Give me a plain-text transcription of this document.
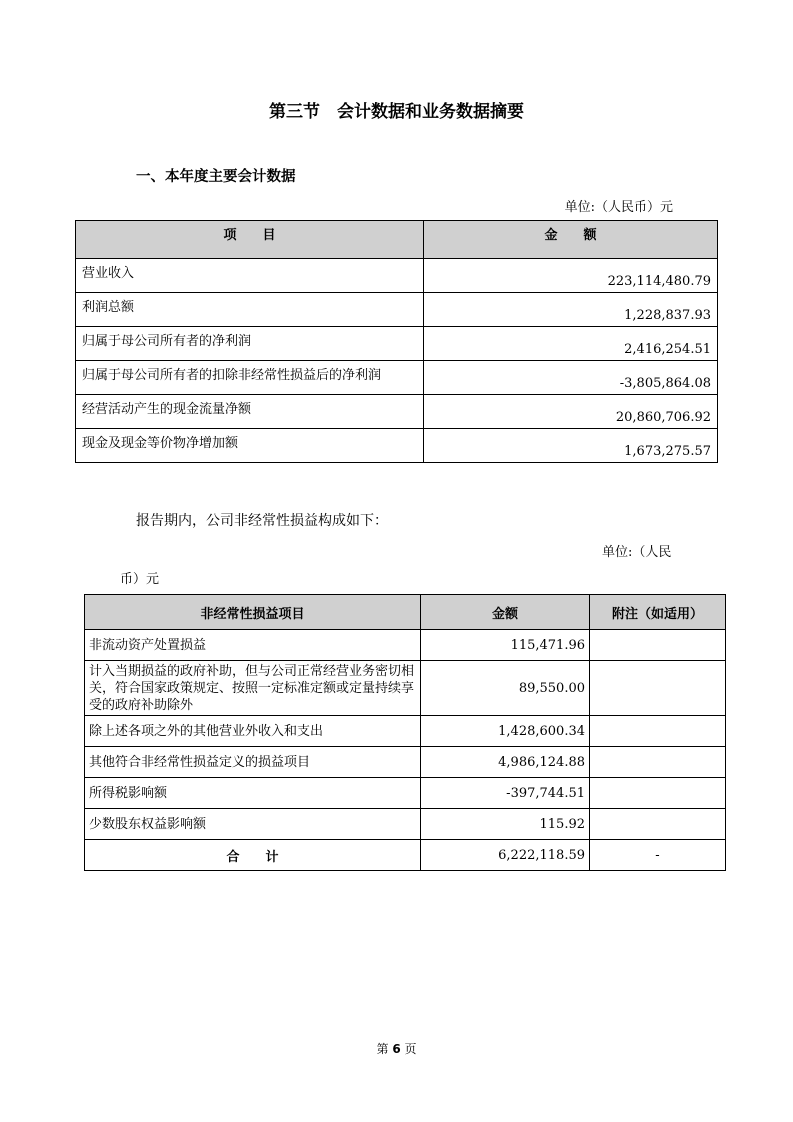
第三节　会计数据和业务数据摘要
一、本年度主要会计数据
单位:（人民币）元
项　　目	金　　额
营业收入	223,114,480.79
利润总额	1,228,837.93
归属于母公司所有者的净利润	2,416,254.51
归属于母公司所有者的扣除非经常性损益后的净利润	-3,805,864.08
经营活动产生的现金流量净额	20,860,706.92
现金及现金等价物净增加额	1,673,275.57
报告期内，公司非经常性损益构成如下：
单位:（人民
币）元
非经常性损益项目	金额	附注（如适用）
非流动资产处置损益	115,471.96	
计入当期损益的政府补助，但与公司正常经营业务密切相关，符合国家政策规定、按照一定标准定额或定量持续享受的政府补助除外	89,550.00	
除上述各项之外的其他营业外收入和支出	1,428,600.34	
其他符合非经常性损益定义的损益项目	4,986,124.88	
所得税影响额	-397,744.51	
少数股东权益影响额	115.92	
合　　计	6,222,118.59	-
第 6 页
